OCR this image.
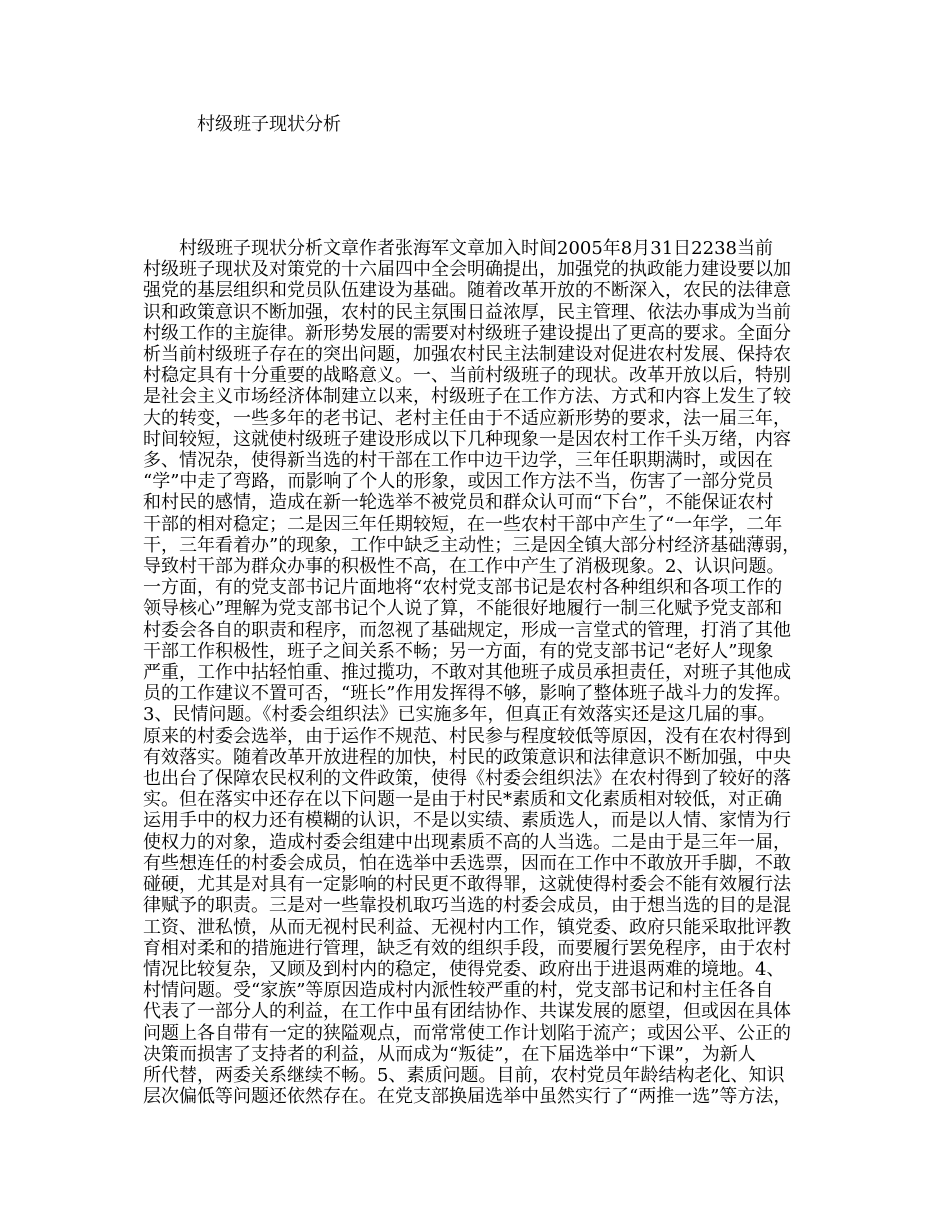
村级班子现状分析
　　村级班子现状分析文章作者张海军文章加入时间2005年8月31日2238当前
村级班子现状及对策党的十六届四中全会明确提出，加强党的执政能力建设要以加
强党的基层组织和党员队伍建设为基础。随着改革开放的不断深入，农民的法律意
识和政策意识不断加强，农村的民主氛围日益浓厚，民主管理、依法办事成为当前
村级工作的主旋律。新形势发展的需要对村级班子建设提出了更高的要求。全面分
析当前村级班子存在的突出问题，加强农村民主法制建设对促进农村发展、保持农
村稳定具有十分重要的战略意义。一、当前村级班子的现状。改革开放以后，特别
是社会主义市场经济体制建立以来，村级班子在工作方法、方式和内容上发生了较
大的转变，一些多年的老书记、老村主任由于不适应新形势的要求，法一届三年，
时间较短，这就使村级班子建设形成以下几种现象一是因农村工作千头万绪，内容
多、情况杂，使得新当选的村干部在工作中边干边学，三年任职期满时，或因在
“学”中走了弯路，而影响了个人的形象，或因工作方法不当，伤害了一部分党员
和村民的感情，造成在新一轮选举不被党员和群众认可而“下台”，不能保证农村
干部的相对稳定；二是因三年任期较短，在一些农村干部中产生了“一年学，二年
干，三年看着办”的现象，工作中缺乏主动性；三是因全镇大部分村经济基础薄弱，
导致村干部为群众办事的积极性不高，在工作中产生了消极现象。2、认识问题。
一方面，有的党支部书记片面地将“农村党支部书记是农村各种组织和各项工作的
领导核心”理解为党支部书记个人说了算，不能很好地履行一制三化赋予党支部和
村委会各自的职责和程序，而忽视了基础规定，形成一言堂式的管理，打消了其他
干部工作积极性，班子之间关系不畅；另一方面，有的党支部书记“老好人”现象
严重，工作中拈轻怕重、推过揽功，不敢对其他班子成员承担责任，对班子其他成
员的工作建议不置可否，“班长”作用发挥得不够，影响了整体班子战斗力的发挥。
3、民情问题。《村委会组织法》已实施多年，但真正有效落实还是这几届的事。
原来的村委会选举，由于运作不规范、村民参与程度较低等原因，没有在农村得到
有效落实。随着改革开放进程的加快，村民的政策意识和法律意识不断加强，中央
也出台了保障农民权利的文件政策，使得《村委会组织法》在农村得到了较好的落
实。但在落实中还存在以下问题一是由于村民*素质和文化素质相对较低，对正确
运用手中的权力还有模糊的认识，不是以实绩、素质选人，而是以人情、家情为行
使权力的对象，造成村委会组建中出现素质不高的人当选。二是由于是三年一届，
有些想连任的村委会成员，怕在选举中丢选票，因而在工作中不敢放开手脚，不敢
碰硬，尤其是对具有一定影响的村民更不敢得罪，这就使得村委会不能有效履行法
律赋予的职责。三是对一些靠投机取巧当选的村委会成员，由于想当选的目的是混
工资、泄私愤，从而无视村民利益、无视村内工作，镇党委、政府只能采取批评教
育相对柔和的措施进行管理，缺乏有效的组织手段，而要履行罢免程序，由于农村
情况比较复杂，又顾及到村内的稳定，使得党委、政府出于进退两难的境地。4、
村情问题。受“家族”等原因造成村内派性较严重的村，党支部书记和村主任各自
代表了一部分人的利益，在工作中虽有团结协作、共谋发展的愿望，但或因在具体
问题上各自带有一定的狭隘观点，而常常使工作计划陷于流产；或因公平、公正的
决策而损害了支持者的利益，从而成为“叛徒”，在下届选举中“下课”，为新人
所代替，两委关系继续不畅。5、素质问题。目前，农村党员年龄结构老化、知识
层次偏低等问题还依然存在。在党支部换届选举中虽然实行了“两推一选”等方法，
